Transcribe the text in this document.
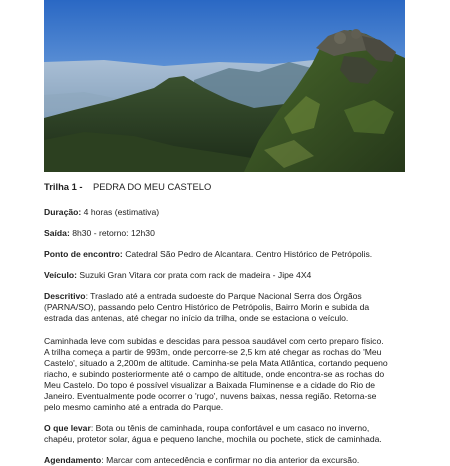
Trilha 1 - PEDRA DO MEU CASTELO

Duração: 4 horas (estimativa)

Saída: 8h30 - retorno: 12h30

Ponto de encontro: Catedral São Pedro de Alcantara. Centro Histórico de Petrópolis.

Veículo: Suzuki Gran Vitara cor prata com rack de madeira - Jipe 4X4

Descritivo: Traslado até a entrada sudoeste do Parque Nacional Serra dos Órgãos
(PARNA/SO), passando pelo Centro Histórico de Petrópolis, Bairro Morin e subida da
estrada das antenas, até chegar no início da trilha, onde se estaciona o veículo.
Caminhada leve com subidas e descidas para pessoa saudável com certo preparo físico.
A trilha começa a partir de 993m, onde percorre-se 2,5 km até chegar as rochas do 'Meu
Castelo', situado a 2,200m de altitude. Caminha-se pela Mata Atlântica, cortando pequeno
riacho, e subindo posteriormente até o campo de altitude, onde encontra-se as rochas do
Meu Castelo. Do topo é possível visualizar a Baixada Fluminense e a cidade do Rio de
Janeiro. Eventualmente pode ocorrer o 'rugo', nuvens baixas, nessa região. Retorna-se
pelo mesmo caminho até a entrada do Parque.
O que levar: Bota ou tênis de caminhada, roupa confortável e um casaco no inverno,
chapéu, protetor solar, água e pequeno lanche, mochila ou pochete, stick de caminhada.

Agendamento: Marcar com antecedência e confirmar no dia anterior da excursão.
